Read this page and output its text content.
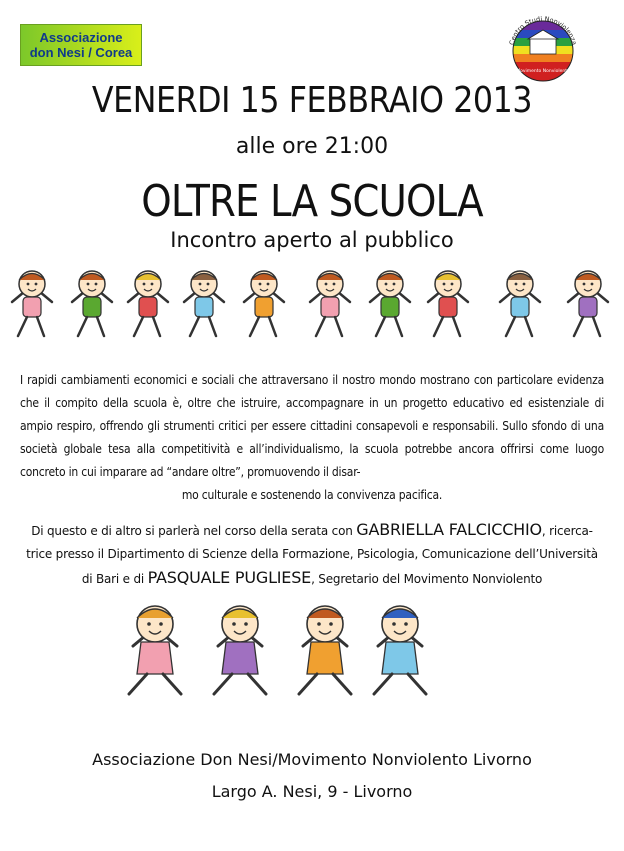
Associazione
don Nesi / Corea
Centro Studi Nonviolenza
Movimento Nonviolento
VENERDI 15 FEBBRAIO 2013
alle ore 21:00
OLTRE LA SCUOLA
Incontro aperto al pubblico
I rapidi cambiamenti economici e sociali che attraversano il nostro mondo mostrano con particolare evidenza che il compito della scuola è, oltre che istruire, accompagnare in un progetto educativo ed esistenziale di ampio respiro, offrendo gli strumenti critici per essere cittadini consapevoli e responsabili. Sullo sfondo di una società globale tesa alla competitività e all’individualismo, la scuola potrebbe ancora offrirsi come luogo concreto in cui imparare ad “andare oltre”, promuovendo il disar-
mo culturale e sostenendo la convivenza pacifica.
Di questo e di altro si parlerà nel corso della serata con GABRIELLA FALCICCHIO, ricerca-
trice presso il Dipartimento di Scienze della Formazione, Psicologia, Comunicazione dell’Università
di Bari e di PASQUALE PUGLIESE, Segretario del Movimento Nonviolento
Associazione Don Nesi/Movimento Nonviolento Livorno
Largo A. Nesi, 9 - Livorno
